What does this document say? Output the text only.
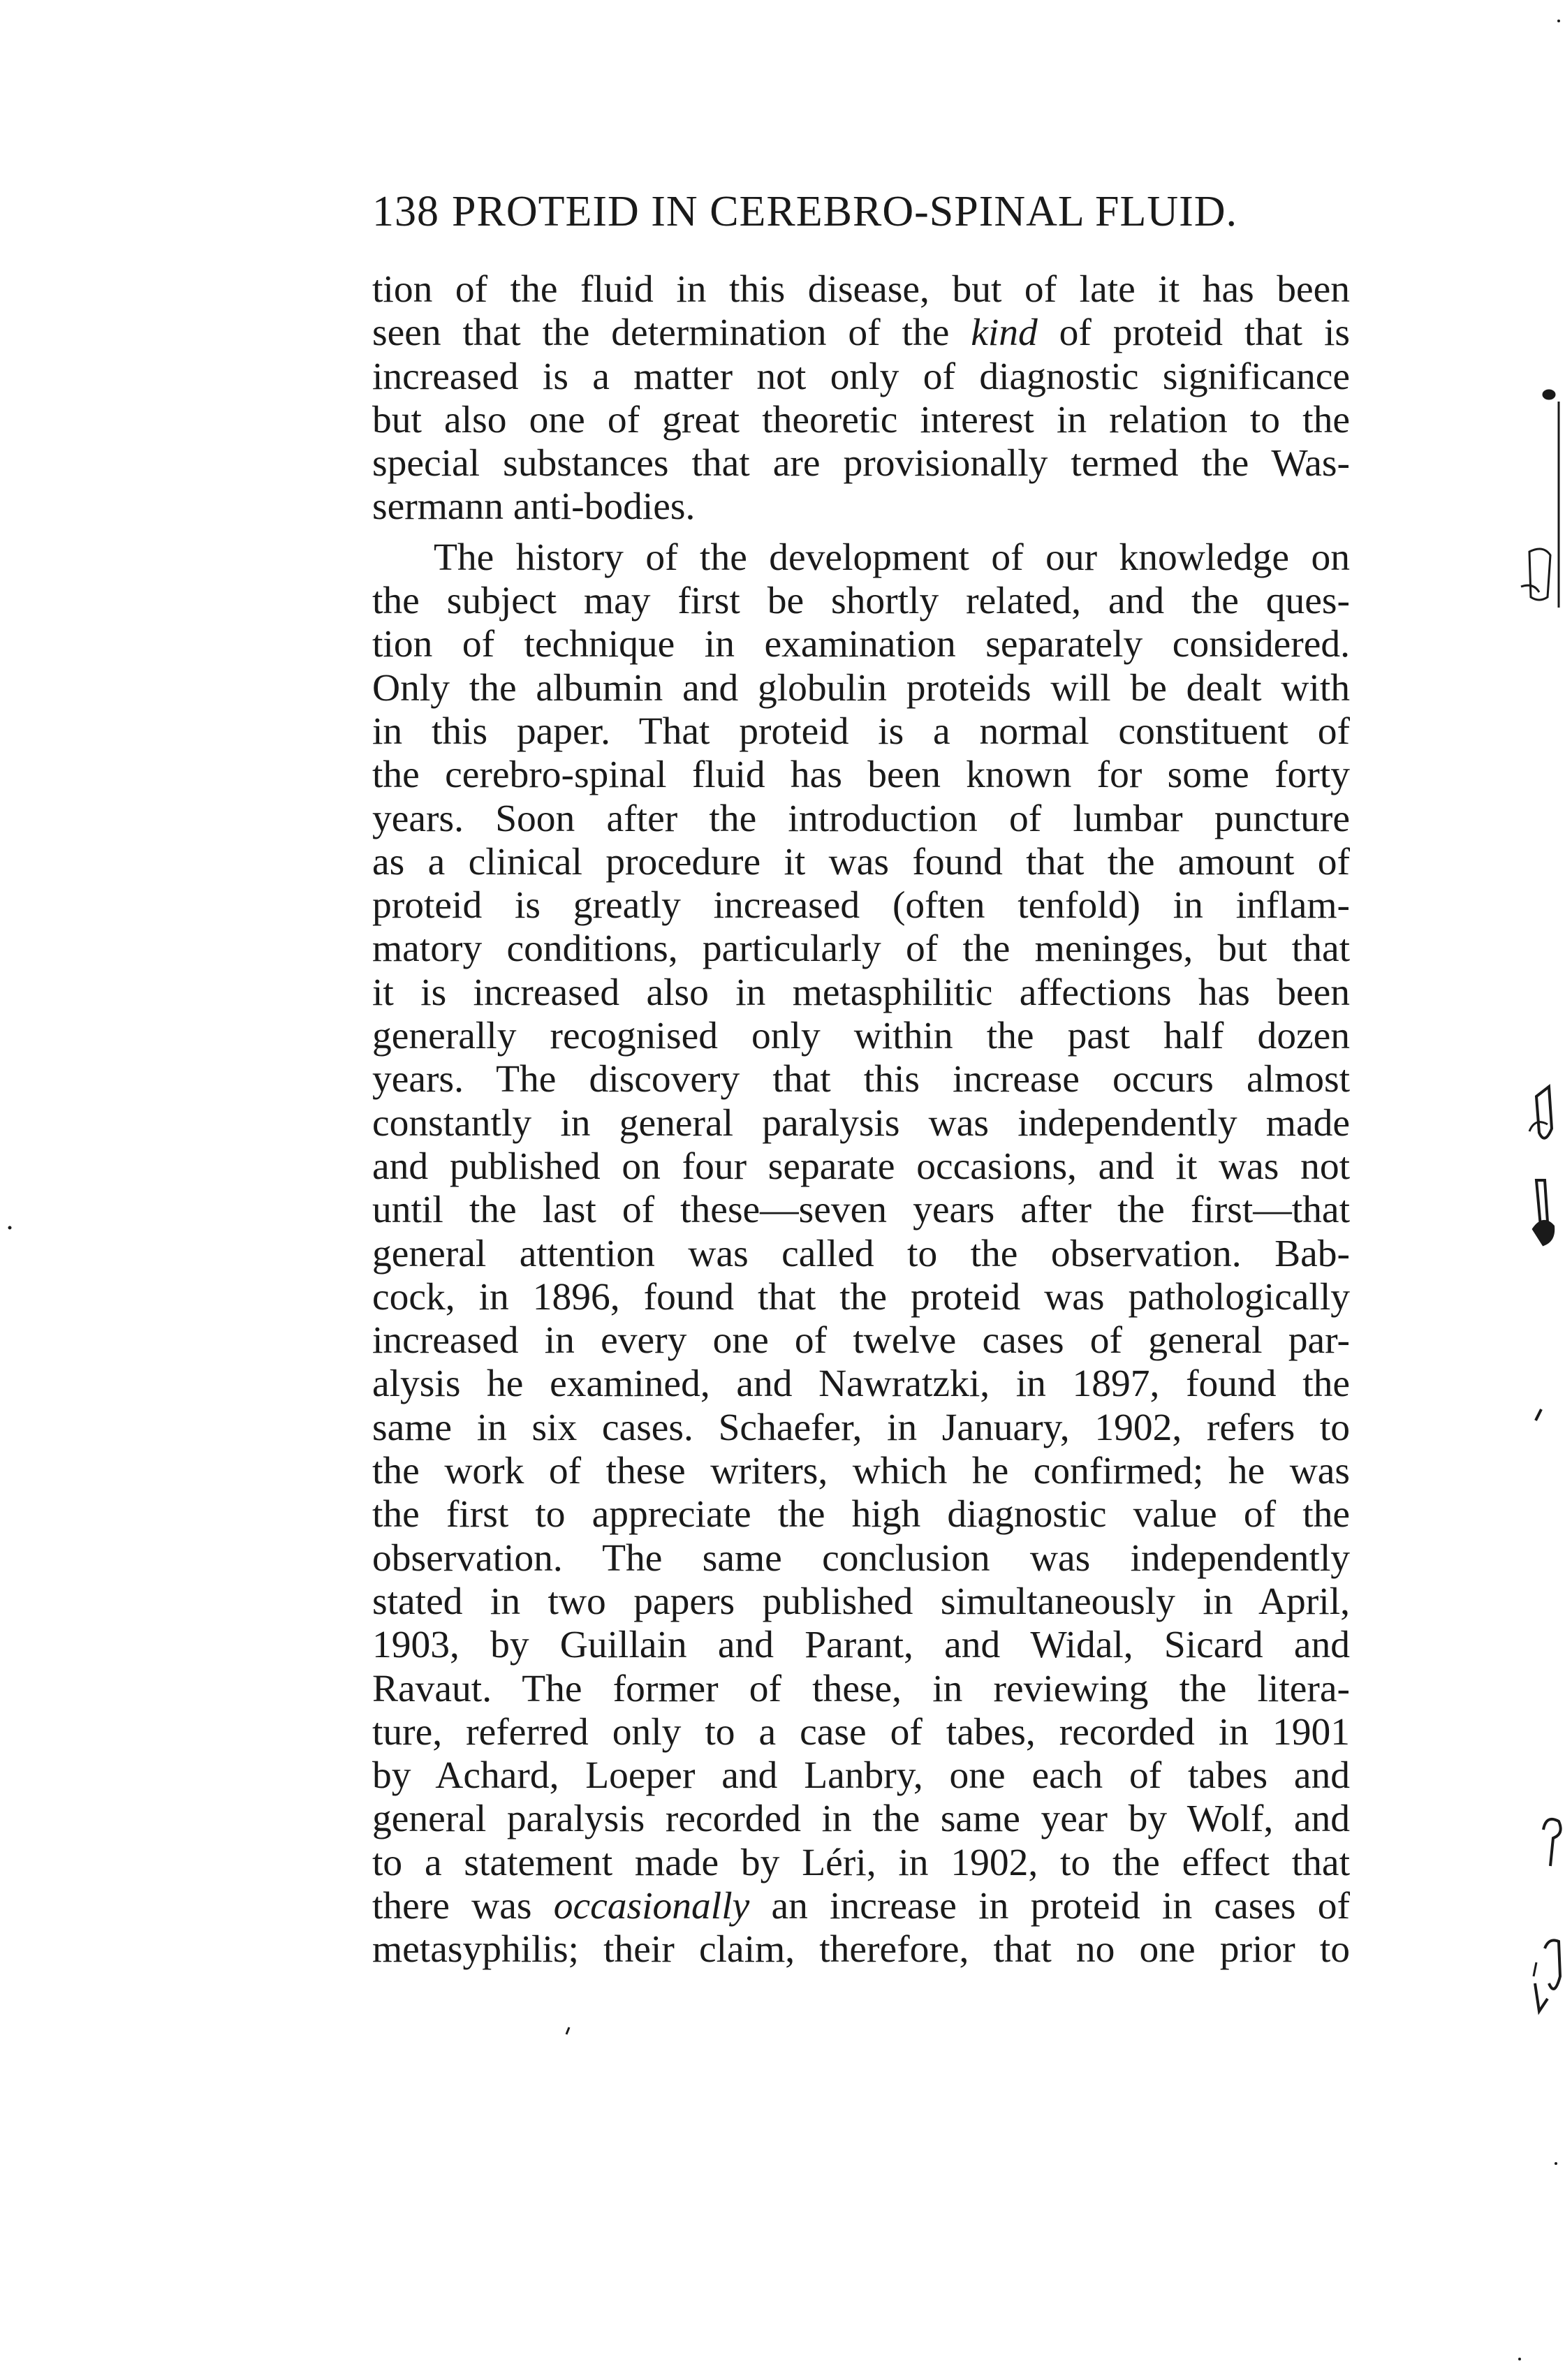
138 PROTEID IN CEREBRO-SPINAL FLUID.
tion of the fluid in this disease, but of late it has been
seen that the determination of the kind of proteid that is
increased is a matter not only of diagnostic significance
but also one of great theoretic interest in relation to the
special substances that are provisionally termed the Was-
sermann anti-bodies.
The history of the development of our knowledge on
the subject may first be shortly related, and the ques-
tion of technique in examination separately considered.
Only the albumin and globulin proteids will be dealt with
in this paper. That proteid is a normal constituent of
the cerebro-spinal fluid has been known for some forty
years. Soon after the introduction of lumbar puncture
as a clinical procedure it was found that the amount of
proteid is greatly increased (often tenfold) in inflam-
matory conditions, particularly of the meninges, but that
it is increased also in metasphilitic affections has been
generally recognised only within the past half dozen
years. The discovery that this increase occurs almost
constantly in general paralysis was independently made
and published on four separate occasions, and it was not
until the last of these—seven years after the first—that
general attention was called to the observation. Bab-
cock, in 1896, found that the proteid was pathologically
increased in every one of twelve cases of general par-
alysis he examined, and Nawratzki, in 1897, found the
same in six cases. Schaefer, in January, 1902, refers to
the work of these writers, which he confirmed; he was
the first to appreciate the high diagnostic value of the
observation. The same conclusion was independently
stated in two papers published simultaneously in April,
1903, by Guillain and Parant, and Widal, Sicard and
Ravaut. The former of these, in reviewing the litera-
ture, referred only to a case of tabes, recorded in 1901
by Achard, Loeper and Lanbry, one each of tabes and
general paralysis recorded in the same year by Wolf, and
to a statement made by Léri, in 1902, to the effect that
there was occasionally an increase in proteid in cases of
metasyphilis; their claim, therefore, that no one prior to
